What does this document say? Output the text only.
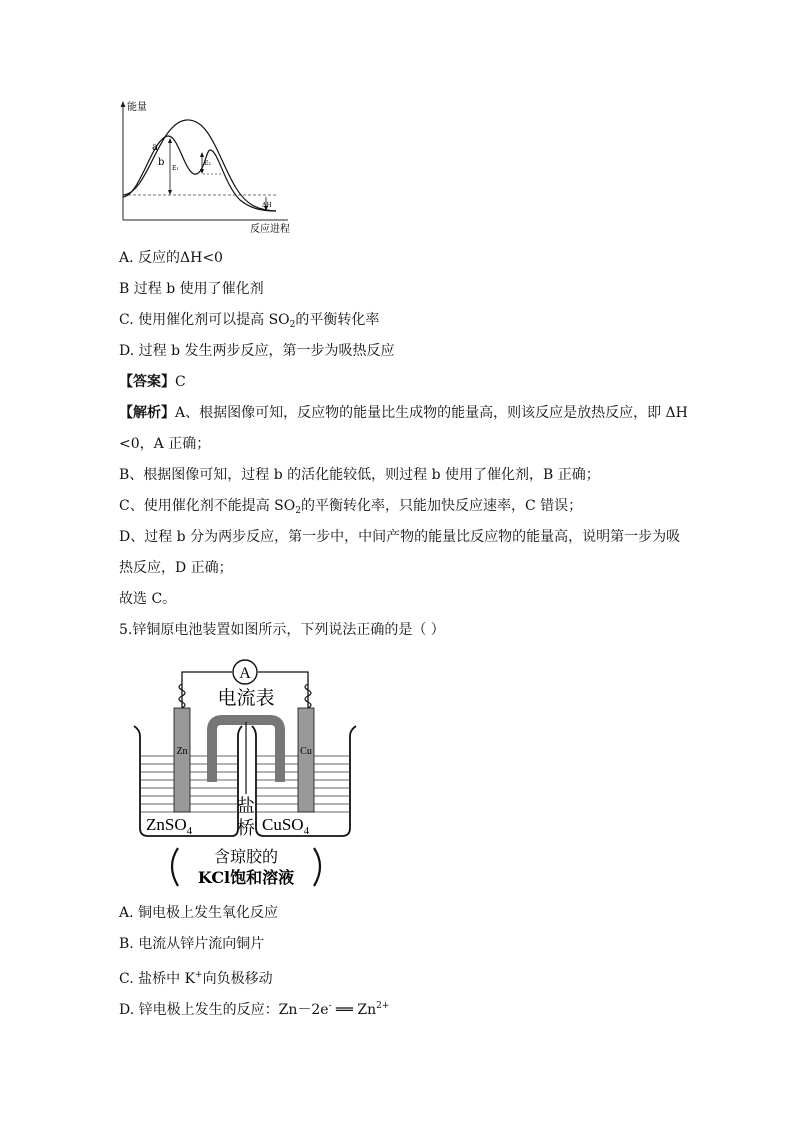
能量
反应进程
a
b
E₁
E₂
ΔH
A. 反应的ΔH<0
B 过程 b 使用了催化剂
C. 使用催化剂可以提高 $SO_2$的平衡转化率
D. 过程 b 发生两步反应，第一步为吸热反应
【答案】C
【解析】A、根据图像可知，反应物的能量比生成物的能量高，则该反应是放热反应，即 ΔH
<0，A 正确；
B、根据图像可知，过程 b 的活化能较低，则过程 b 使用了催化剂，B 正确；
C、使用催化剂不能提高 $SO_2$的平衡转化率，只能加快反应速率，C 错误；
D、过程 b 分为两步反应，第一步中，中间产物的能量比反应物的能量高，说明第一步为吸
热反应，D 正确；
故选 C。
5.锌铜原电池装置如图所示，下列说法正确的是（ ）
A
电流表
盐
桥
Zn	Cu
ZnSO$_4$	CuSO$_4$
含琼胶的
KCl饱和溶液
A. 铜电极上发生氧化反应
B. 电流从锌片流向铜片
C. 盐桥中 K+向负极移动
D. 锌电极上发生的反应：Zn－2e- ══ $Zn^{2+}$
